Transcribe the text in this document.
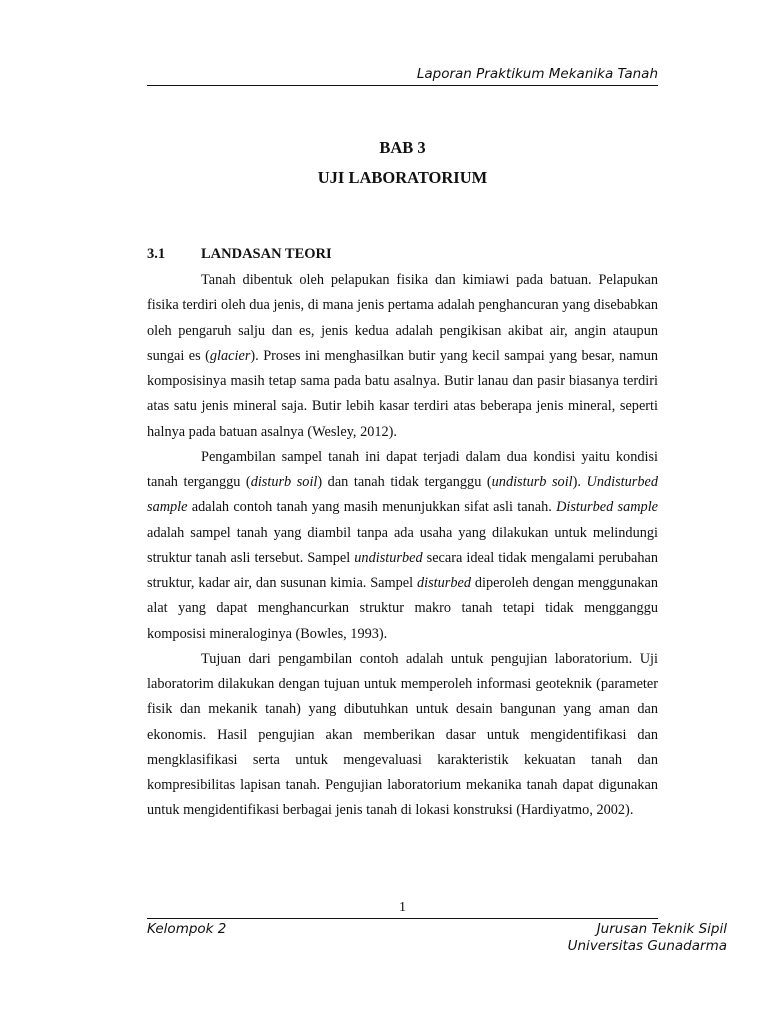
Laporan Praktikum Mekanika Tanah
BAB 3
UJI LABORATORIUM
3.1 LANDASAN TEORI

Tanah dibentuk oleh pelapukan fisika dan kimiawi pada batuan. Pelapukan fisika terdiri oleh dua jenis, di mana jenis pertama adalah penghancuran yang disebabkan oleh pengaruh salju dan es, jenis kedua adalah pengikisan akibat air, angin ataupun sungai es (glacier). Proses ini menghasilkan butir yang kecil sampai yang besar, namun komposisinya masih tetap sama pada batu asalnya. Butir lanau dan pasir biasanya terdiri atas satu jenis mineral saja. Butir lebih kasar terdiri atas beberapa jenis mineral, seperti halnya pada batuan asalnya (Wesley, 2012).

Pengambilan sampel tanah ini dapat terjadi dalam dua kondisi yaitu kondisi tanah terganggu (disturb soil) dan tanah tidak terganggu (undisturb soil). Undisturbed sample adalah contoh tanah yang masih menunjukkan sifat asli tanah. Disturbed sample adalah sampel tanah yang diambil tanpa ada usaha yang dilakukan untuk melindungi struktur tanah asli tersebut. Sampel undisturbed secara ideal tidak mengalami perubahan struktur, kadar air, dan susunan kimia. Sampel disturbed diperoleh dengan menggunakan alat yang dapat menghancurkan struktur makro tanah tetapi tidak mengganggu komposisi mineraloginya (Bowles, 1993).

Tujuan dari pengambilan contoh adalah untuk pengujian laboratorium. Uji laboratorim dilakukan dengan tujuan untuk memperoleh informasi geoteknik (parameter fisik dan mekanik tanah) yang dibutuhkan untuk desain bangunan yang aman dan ekonomis. Hasil pengujian akan memberikan dasar untuk mengidentifikasi dan mengklasifikasi serta untuk mengevaluasi karakteristik kekuatan tanah dan kompresibilitas lapisan tanah. Pengujian laboratorium mekanika tanah dapat digunakan untuk mengidentifikasi berbagai jenis tanah di lokasi konstruksi (Hardiyatmo, 2002).

1
Kelompok 2	Jurusan Teknik Sipil
Universitas Gunadarma
